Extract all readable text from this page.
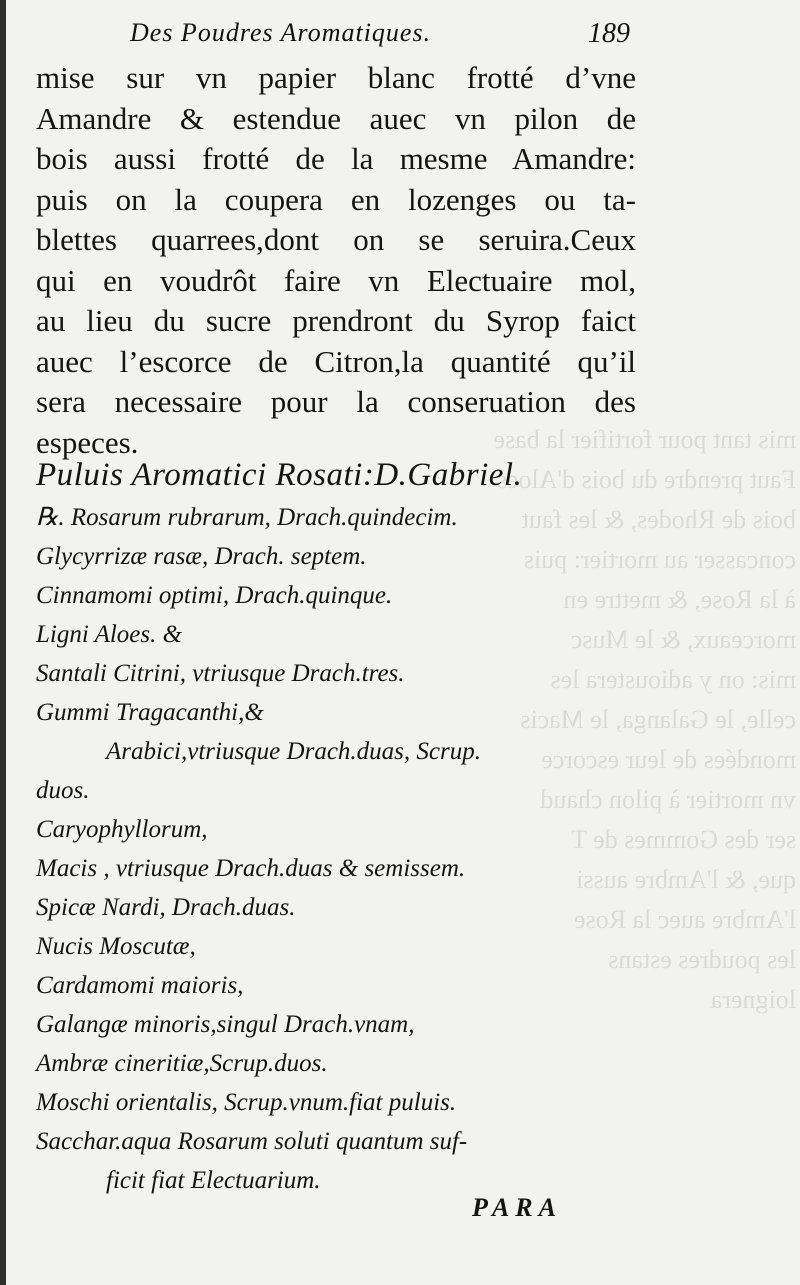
mis tant pour fortifier la base
Faut prendre du bois d'Aloes
bois de Rhodes, & les faut
concasser au mortier: puis
à la Rose, & mettre en
morceaux, & le Musc
mis: on y adioustera les
celle, le Galanga, le Macis
mondées de leur escorce
vn mortier à pilon chaud
ser des Gommes de T
que, & l'Ambre aussi
l'Ambre auec la Rose
les poudres estans
loignera
Des Poudres Aromatiques.	189
mise sur vn papier blanc frotté d’vne
Amandre & estendue auec vn pilon de
bois aussi frotté de la mesme Amandre:
puis on la coupera en lozenges ou ta-
blettes quarrees,dont on se seruira.Ceux
qui en voudrôt faire vn Electuaire mol,
au lieu du sucre prendront du Syrop faict
auec l’escorce de Citron,la quantité qu’il
sera necessaire pour la conseruation des
especes.
Puluis Aromatici Rosati:D.Gabriel.
℞. Rosarum rubrarum, Drach.quindecim.
Glycyrrizæ rasæ, Drach. septem.
Cinnamomi optimi, Drach.quinque.
Ligni Aloes. &
Santali Citrini, vtriusque Drach.tres.
Gummi Tragacanthi,&
Arabici,vtriusque Drach.duas, Scrup.
duos.
Caryophyllorum,
Macis , vtriusque Drach.duas & semissem.
Spicæ Nardi, Drach.duas.
Nucis Moscutæ,
Cardamomi maioris,
Galangæ minoris,singul Drach.vnam,
Ambræ cineritiæ,Scrup.duos.
Moschi orientalis, Scrup.vnum.fiat puluis.
Sacchar.aqua Rosarum soluti quantum suf-
ficit fiat Electuarium.
PARA
